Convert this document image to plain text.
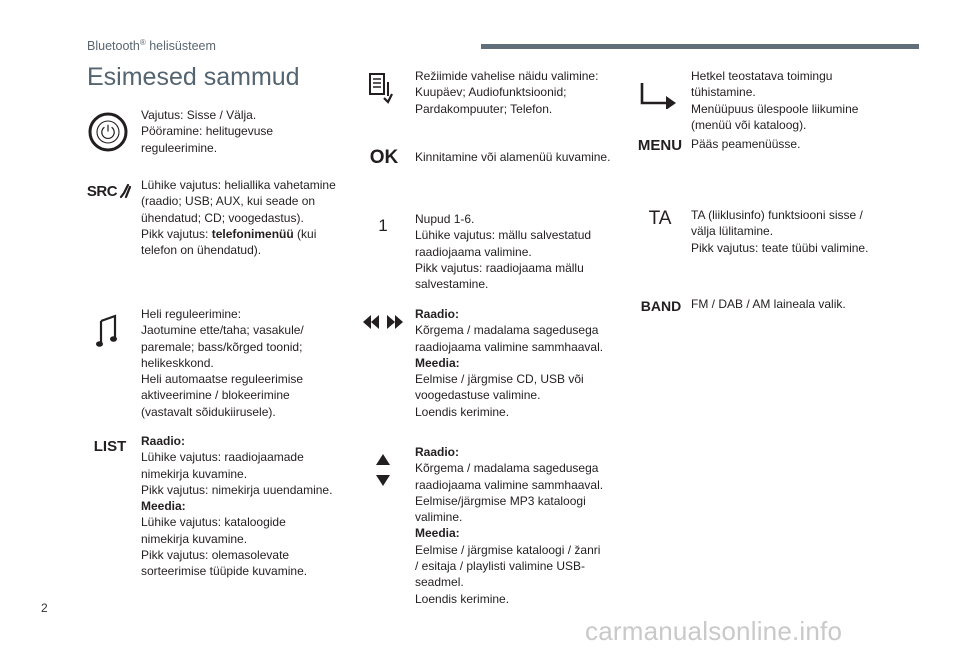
Bluetooth® helisüsteem
Esimesed sammud
Vajutus: Sisse / Välja.
Pööramine: helitugevuse
reguleerimine.
SRC Lühike vajutus: heliallika vahetamine
(raadio; USB; AUX, kui seade on
ühendatud; CD; voogedastus).
Pikk vajutus: telefonimenüü (kui
telefon on ühendatud).
Heli reguleerimine:
Jaotumine ette/taha; vasakule/
paremale; bass/kõrged toonid;
helikeskkond.
Heli automaatse reguleerimise
aktiveerimine / blokeerimine
(vastavalt sõidukiirusele).
LIST Raadio:
Lühike vajutus: raadiojaamade
nimekirja kuvamine.
Pikk vajutus: nimekirja uuendamine.
Meedia:
Lühike vajutus: kataloogide
nimekirja kuvamine.
Pikk vajutus: olemasolevate
sorteerimise tüüpide kuvamine.
Režiimide vahelise näidu valimine:
Kuupäev; Audiofunktsioonid;
Pardakompuuter; Telefon.
OK Kinnitamine või alamenüü kuvamine.
1 Nupud 1-6.
Lühike vajutus: mällu salvestatud
raadiojaama valimine.
Pikk vajutus: raadiojaama mällu
salvestamine.
Raadio:
Kõrgema / madalama sagedusega
raadiojaama valimine sammhaaval.
Meedia:
Eelmise / järgmise CD, USB või
voogedastuse valimine.
Loendis kerimine.
Raadio:
Kõrgema / madalama sagedusega
raadiojaama valimine sammhaaval.
Eelmise/järgmise MP3 kataloogi
valimine.
Meedia:
Eelmise / järgmise kataloogi / žanri
/ esitaja / playlisti valimine USB-
seadmel.
Loendis kerimine.
Hetkel teostatava toimingu
tühistamine.
Menüüpuus ülespoole liikumine
(menüü või kataloog).
MENU Pääs peamenüüsse.
TA TA (liiklusinfo) funktsiooni sisse /
välja lülitamine.
Pikk vajutus: teate tüübi valimine.
BAND FM / DAB / AM laineala valik.
2
carmanualsonline.info
